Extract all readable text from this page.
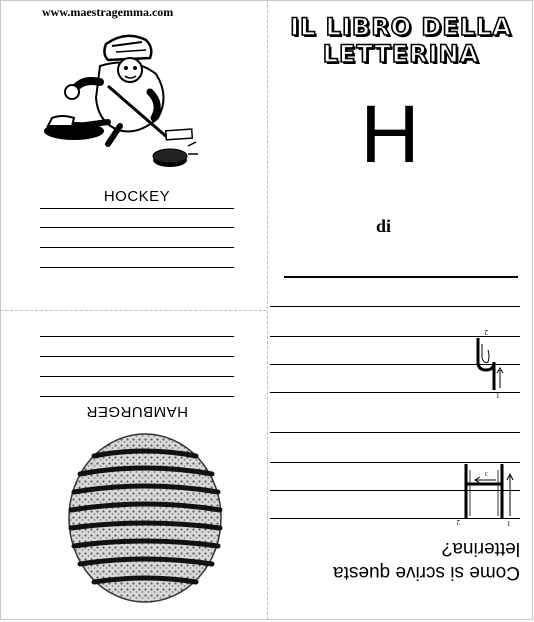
www.maestragemma.com
HOCKEY
HAMBURGER
IL LIBRO DELLA
LETTERINA
H
di
1
2
1
2
3
Come si scrive questa
letterina?
